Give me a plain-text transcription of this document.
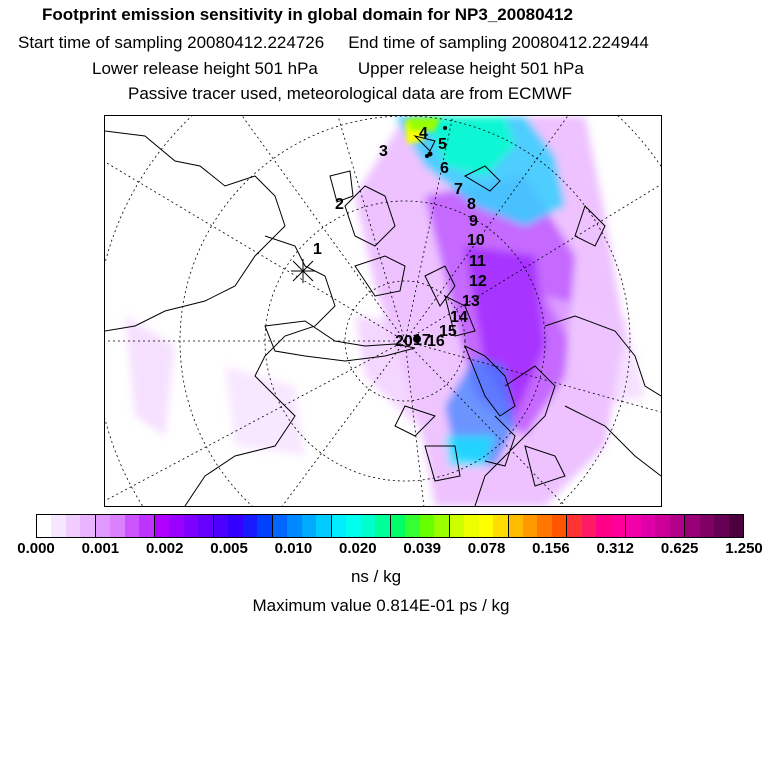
Footprint emission sensitivity in global domain for NP3_20080412
Start time of sampling 20080412.224726 End time of sampling 20080412.224944
Lower release height 501 hPa Upper release height 501 hPa
Passive tracer used, meteorological data are from ECMWF
1
2
3
4
5
6
7
8
9
10
11
12
13
14
15
16
17
20
0.000 0.001 0.002 0.005 0.010 0.020 0.039 0.078 0.156 0.312 0.625 1.250
ns / kg
Maximum value 0.814E-01 ps / kg
